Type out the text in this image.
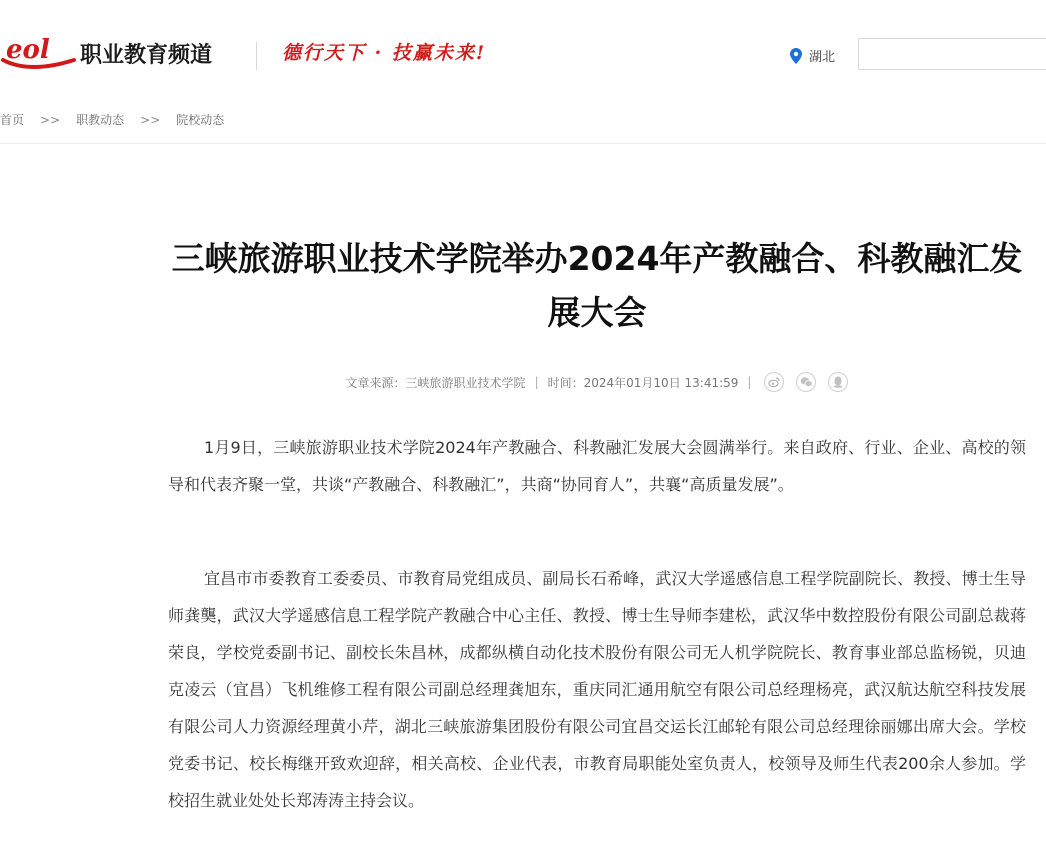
eol 职业教育频道	德行天下 · 技赢未来!	湖北
首页 >> 职教动态 >> 院校动态
三峡旅游职业技术学院举办2024年产教融合、科教融汇发展大会
文章来源：三峡旅游职业技术学院 | 时间：2024年01月10日 13:41:59 |

1月9日，三峡旅游职业技术学院2024年产教融合、科教融汇发展大会圆满举行。来自政府、行业、企业、高校的领导和代表齐聚一堂，共谈“产教融合、科教融汇”，共商“协同育人”，共襄“高质量发展”。

宜昌市市委教育工委委员、市教育局党组成员、副局长石希峰，武汉大学遥感信息工程学院副院长、教授、博士生导师龚龑，武汉大学遥感信息工程学院产教融合中心主任、教授、博士生导师李建松，武汉华中数控股份有限公司副总裁蒋荣良，学校党委副书记、副校长朱昌林，成都纵横自动化技术股份有限公司无人机学院院长、教育事业部总监杨锐，贝迪克凌云（宜昌）飞机维修工程有限公司副总经理龚旭东，重庆同汇通用航空有限公司总经理杨亮，武汉航达航空科技发展有限公司人力资源经理黄小芹，湖北三峡旅游集团股份有限公司宜昌交运长江邮轮有限公司总经理徐丽娜出席大会。学校党委书记、校长梅继开致欢迎辞，相关高校、企业代表，市教育局职能处室负责人，校领导及师生代表200余人参加。学校招生就业处处长郑涛涛主持会议。
